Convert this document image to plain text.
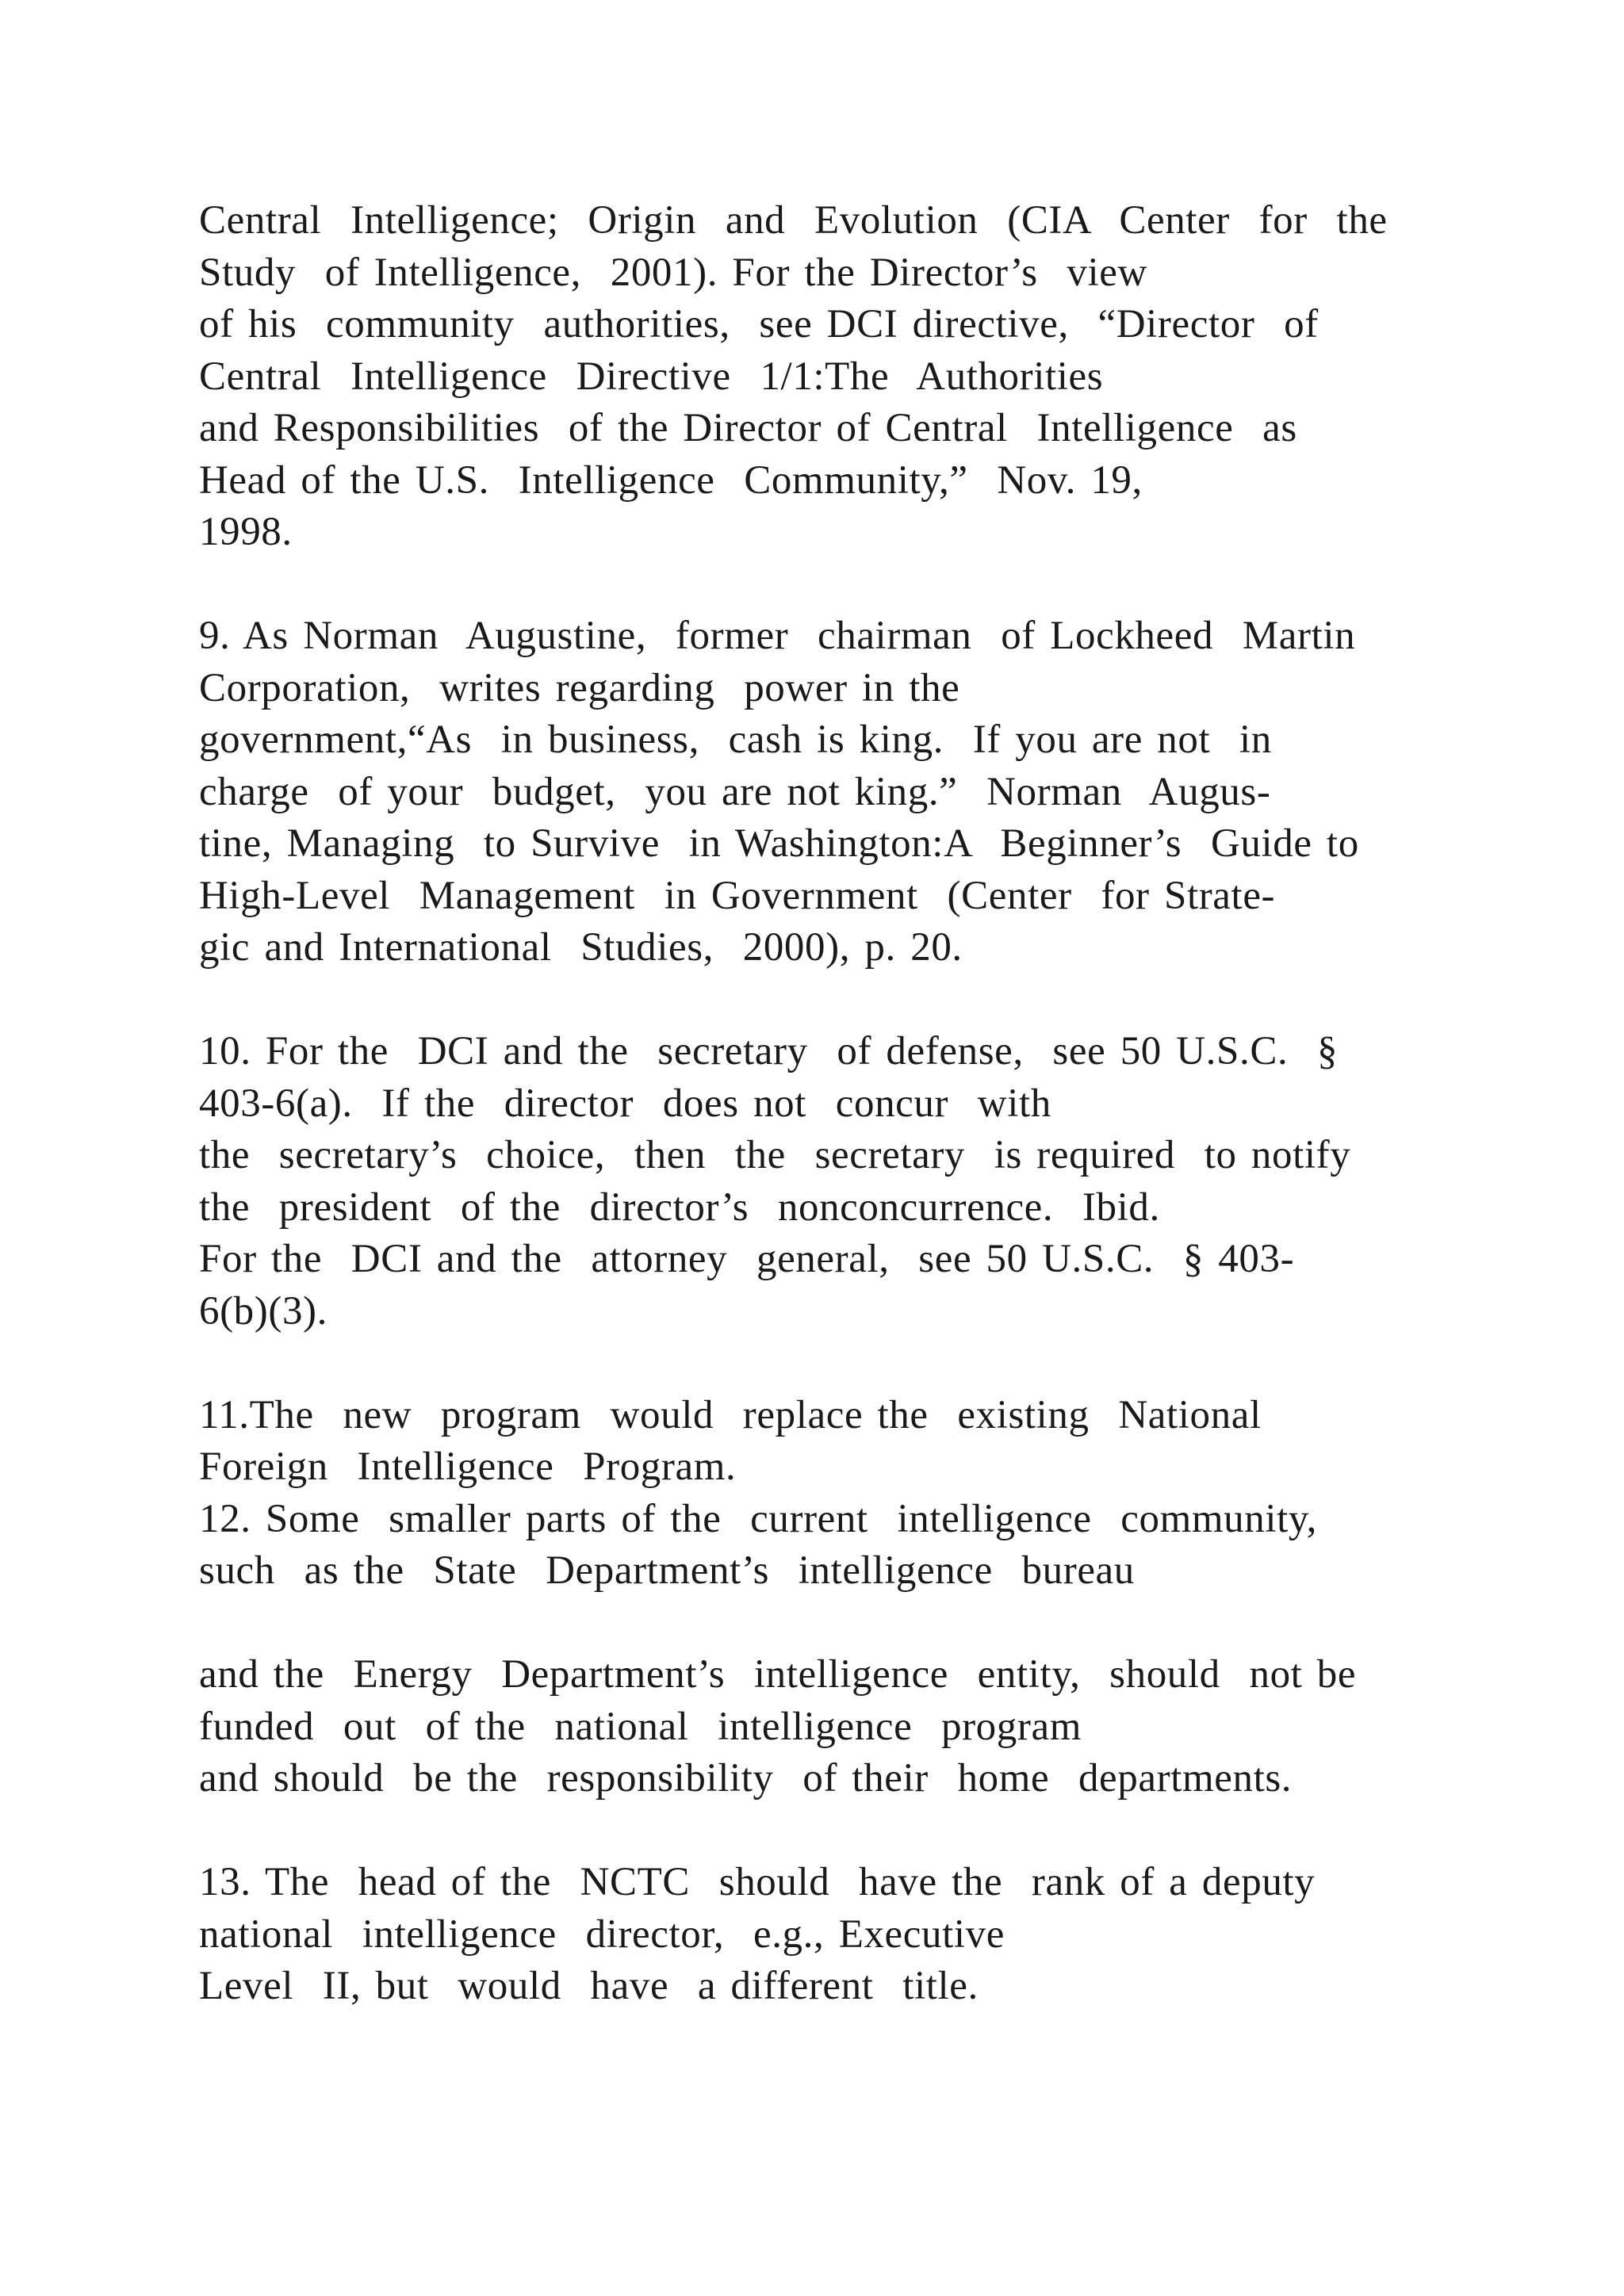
Central  Intelligence;  Origin  and  Evolution  (CIA  Center  for  the
Study  of Intelligence,  2001). For the Director’s  view
of his  community  authorities,  see DCI directive,  “Director  of
Central  Intelligence  Directive  1/1:The  Authorities
and Responsibilities  of the Director of Central  Intelligence  as
Head of the U.S.  Intelligence  Community,”  Nov. 19,
1998.
9. As Norman  Augustine,  former  chairman  of Lockheed  Martin
Corporation,  writes regarding  power in the
government,“As  in business,  cash is king.  If you are not  in
charge  of your  budget,  you are not king.”  Norman  Augus-
tine, Managing  to Survive  in Washington:A  Beginner’s  Guide to
High-Level  Management  in Government  (Center  for Strate-
gic and International  Studies,  2000), p. 20.
10. For the  DCI and the  secretary  of defense,  see 50 U.S.C.  §
403-6(a).  If the  director  does not  concur  with
the  secretary’s  choice,  then  the  secretary  is required  to notify
the  president  of the  director’s  nonconcurrence.  Ibid.
For the  DCI and the  attorney  general,  see 50 U.S.C.  § 403-
6(b)(3).
11.The  new  program  would  replace the  existing  National
Foreign  Intelligence  Program.
12. Some  smaller parts of the  current  intelligence  community,
such  as the  State  Department’s  intelligence  bureau
and the  Energy  Department’s  intelligence  entity,  should  not be
funded  out  of the  national  intelligence  program
and should  be the  responsibility  of their  home  departments.
13. The  head of the  NCTC  should  have the  rank of a deputy
national  intelligence  director,  e.g., Executive
Level  II, but  would  have  a different  title.
